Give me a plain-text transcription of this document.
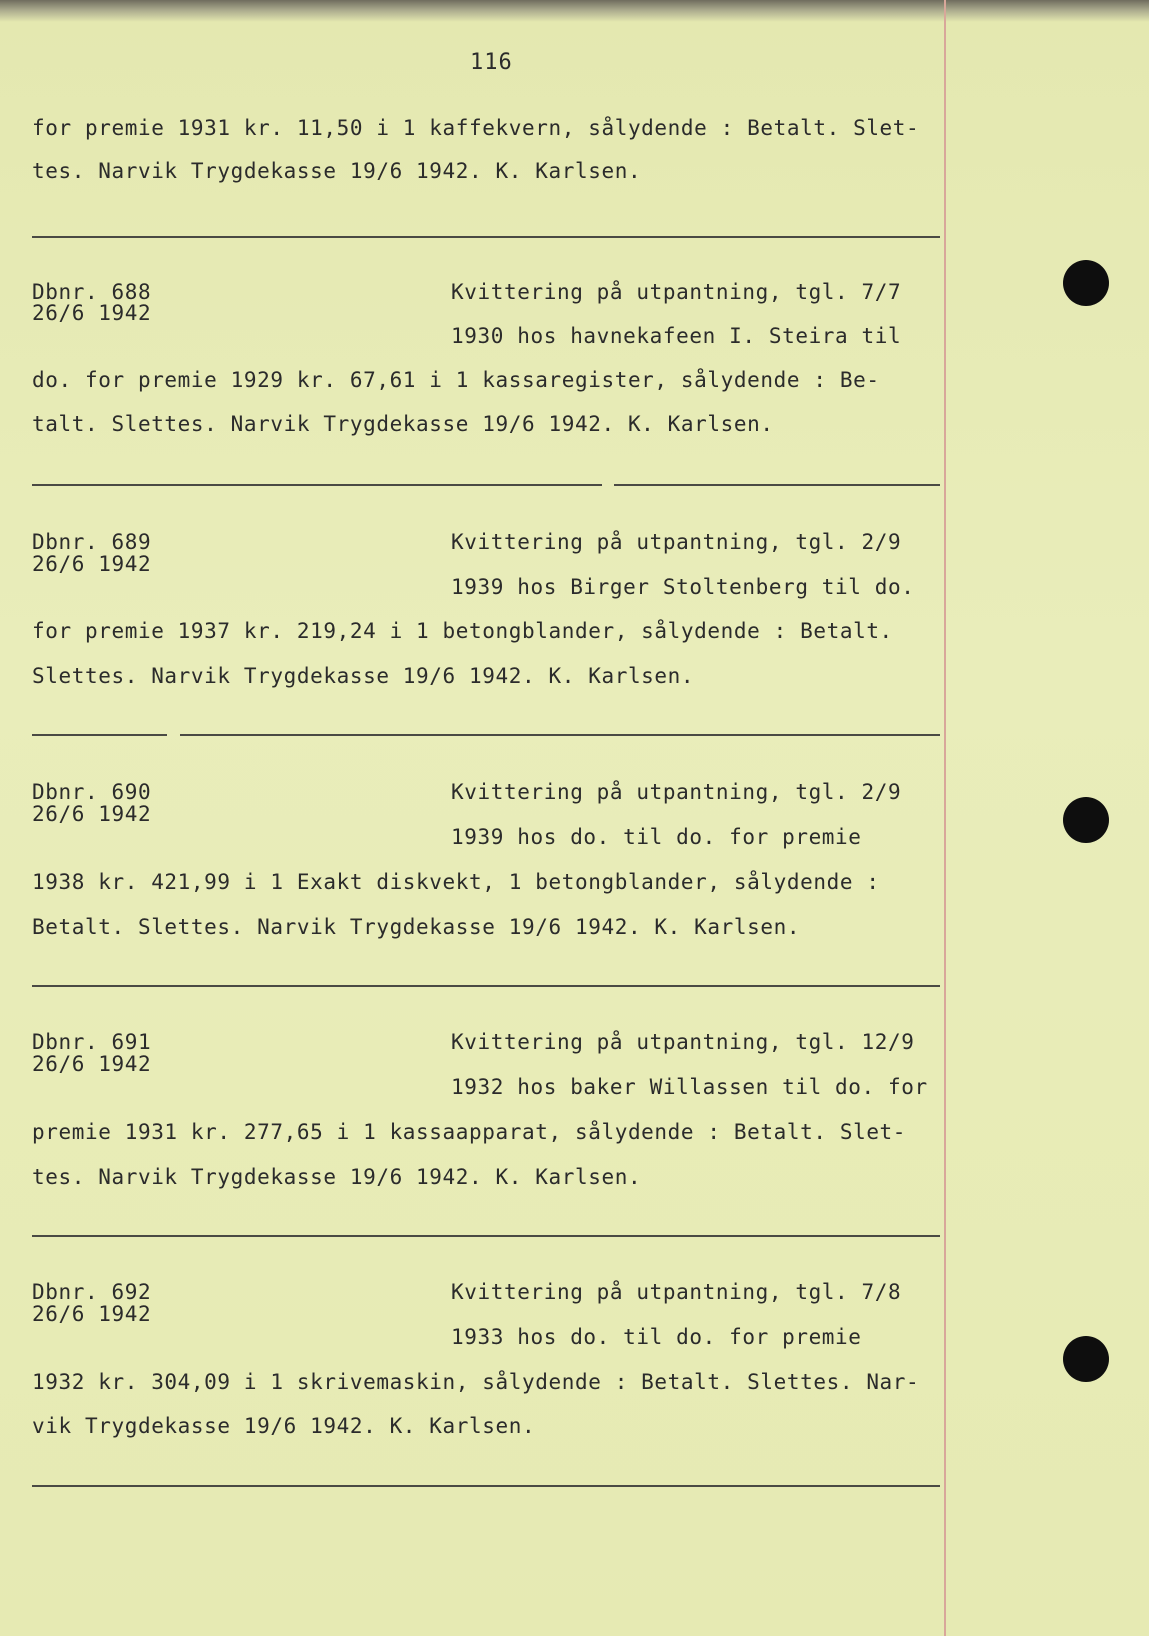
116
for premie 1931 kr. 11,50 i 1 kaffekvern, sålydende : Betalt. Slet-
tes. Narvik Trygdekasse 19/6 1942. K. Karlsen.
Dbnr. 688
26/6 1942
Kvittering på utpantning, tgl. 7/7
1930 hos havnekafeen I. Steira til
do. for premie 1929 kr. 67,61 i 1 kassaregister, sålydende : Be-
talt. Slettes. Narvik Trygdekasse 19/6 1942. K. Karlsen.
Dbnr. 689
26/6 1942
Kvittering på utpantning, tgl. 2/9
1939 hos Birger Stoltenberg til do.
for premie 1937 kr. 219,24 i 1 betongblander, sålydende : Betalt.
Slettes. Narvik Trygdekasse 19/6 1942. K. Karlsen.
Dbnr. 690
26/6 1942
Kvittering på utpantning, tgl. 2/9
1939 hos do. til do. for premie
1938 kr. 421,99 i 1 Exakt diskvekt, 1 betongblander, sålydende :
Betalt. Slettes. Narvik Trygdekasse 19/6 1942. K. Karlsen.
Dbnr. 691
26/6 1942
Kvittering på utpantning, tgl. 12/9
1932 hos baker Willassen til do. for
premie 1931 kr. 277,65 i 1 kassaapparat, sålydende : Betalt. Slet-
tes. Narvik Trygdekasse 19/6 1942. K. Karlsen.
Dbnr. 692
26/6 1942
Kvittering på utpantning, tgl. 7/8
1933 hos do. til do. for premie
1932 kr. 304,09 i 1 skrivemaskin, sålydende : Betalt. Slettes. Nar-
vik Trygdekasse 19/6 1942. K. Karlsen.
